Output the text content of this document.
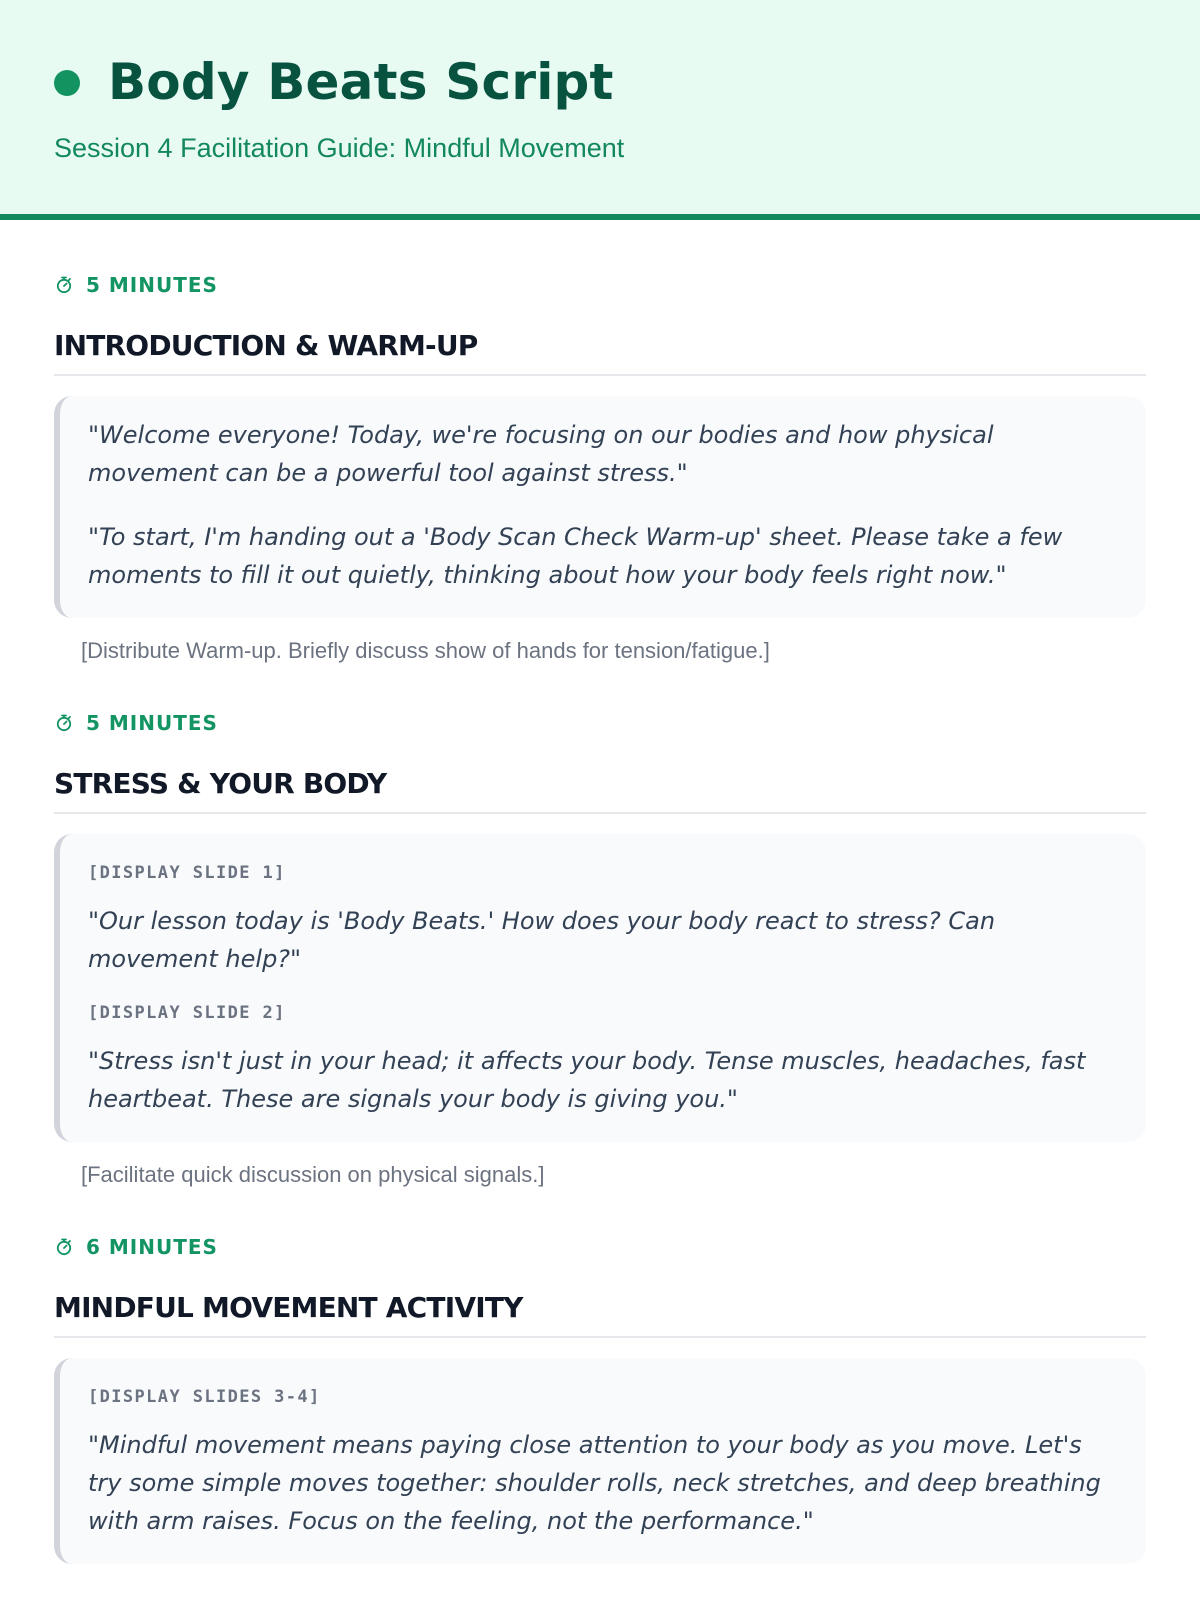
Body Beats Script
Session 4 Facilitation Guide: Mindful Movement
5 MINUTES
INTRODUCTION & WARM-UP

"Welcome everyone! Today, we're focusing on our bodies and how physical movement can be a powerful tool against stress."

"To start, I'm handing out a 'Body Scan Check Warm-up' sheet. Please take a few moments to fill it out quietly, thinking about how your body feels right now."

[Distribute Warm-up. Briefly discuss show of hands for tension/fatigue.]
5 MINUTES
STRESS & YOUR BODY
[DISPLAY SLIDE 1]

"Our lesson today is 'Body Beats.' How does your body react to stress? Can movement help?"

[DISPLAY SLIDE 2]

"Stress isn't just in your head; it affects your body. Tense muscles, headaches, fast heartbeat. These are signals your body is giving you."

[Facilitate quick discussion on physical signals.]
6 MINUTES
MINDFUL MOVEMENT ACTIVITY
[DISPLAY SLIDES 3-4]

"Mindful movement means paying close attention to your body as you move. Let's try some simple moves together: shoulder rolls, neck stretches, and deep breathing with arm raises. Focus on the feeling, not the performance."
